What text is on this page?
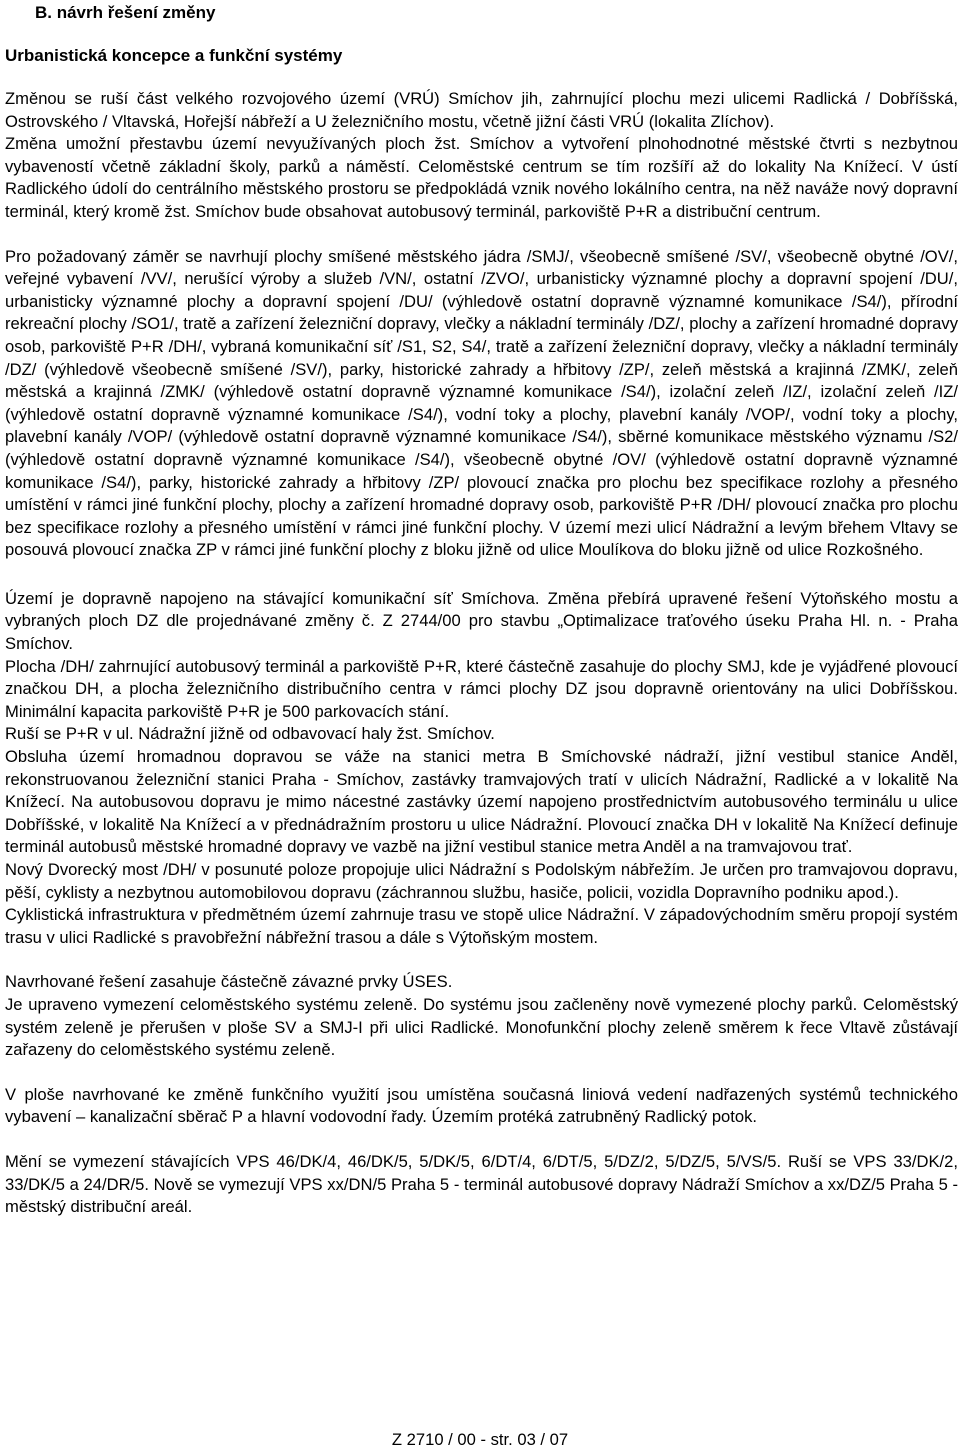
B. návrh řešení změny
Urbanistická koncepce a funkční systémy

Změnou se ruší část velkého rozvojového území (VRÚ) Smíchov jih, zahrnující plochu mezi ulicemi Radlická / Dobříšská, Ostrovského / Vltavská, Hořejší nábřeží a U železničního mostu, včetně jižní části VRÚ (lokalita Zlíchov).

Změna umožní přestavbu území nevyužívaných ploch žst. Smíchov a vytvoření plnohodnotné městské čtvrti s nezbytnou vybaveností včetně základní školy, parků a náměstí. Celoměstské centrum se tím rozšíří až do lokality Na Knížecí. V ústí Radlického údolí do centrálního městského prostoru se předpokládá vznik nového lokálního centra, na něž naváže nový dopravní terminál, který kromě žst. Smíchov bude obsahovat autobusový terminál, parkoviště P+R a distribuční centrum.

Pro požadovaný záměr se navrhují plochy smíšené městského jádra /SMJ/, všeobecně smíšené /SV/, všeobecně obytné /OV/, veřejné vybavení /VV/, nerušící výroby a služeb /VN/, ostatní /ZVO/, urbanisticky významné plochy a dopravní spojení /DU/, urbanisticky významné plochy a dopravní spojení /DU/ (výhledově ostatní dopravně významné komunikace /S4/), přírodní rekreační plochy /SO1/, tratě a zařízení železniční dopravy, vlečky a nákladní terminály /DZ/, plochy a zařízení hromadné dopravy osob, parkoviště P+R /DH/, vybraná komunikační síť /S1, S2, S4/, tratě a zařízení železniční dopravy, vlečky a nákladní terminály /DZ/ (výhledově všeobecně smíšené /SV/), parky, historické zahrady a hřbitovy /ZP/, zeleň městská a krajinná /ZMK/, zeleň městská a krajinná /ZMK/ (výhledově ostatní dopravně významné komunikace /S4/), izolační zeleň /IZ/, izolační zeleň /IZ/ (výhledově ostatní dopravně významné komunikace /S4/), vodní toky a plochy, plavební kanály /VOP/, vodní toky a plochy, plavební kanály /VOP/ (výhledově ostatní dopravně významné komunikace /S4/), sběrné komunikace městského významu /S2/ (výhledově ostatní dopravně významné komunikace /S4/), všeobecně obytné /OV/ (výhledově ostatní dopravně významné komunikace /S4/), parky, historické zahrady a hřbitovy /ZP/ plovoucí značka pro plochu bez specifikace rozlohy a přesného umístění v rámci jiné funkční plochy, plochy a zařízení hromadné dopravy osob, parkoviště P+R /DH/ plovoucí značka pro plochu bez specifikace rozlohy a přesného umístění v rámci jiné funkční plochy. V území mezi ulicí Nádražní a levým břehem Vltavy se posouvá plovoucí značka ZP v rámci jiné funkční plochy z bloku jižně od ulice Moulíkova do bloku jižně od ulice Rozkošného.

Území je dopravně napojeno na stávající komunikační síť Smíchova. Změna přebírá upravené řešení Výtoňského mostu a vybraných ploch DZ dle projednávané změny č. Z 2744/00 pro stavbu „Optimalizace traťového úseku Praha Hl. n. - Praha Smíchov.

Plocha /DH/ zahrnující autobusový terminál a parkoviště P+R, které částečně zasahuje do plochy SMJ, kde je vyjádřené plovoucí značkou DH, a plocha železničního distribučního centra v rámci plochy DZ jsou dopravně orientovány na ulici Dobříšskou. Minimální kapacita parkoviště P+R je 500 parkovacích stání.

Ruší se P+R v ul. Nádražní jižně od odbavovací haly žst. Smíchov.

Obsluha území hromadnou dopravou se váže na stanici metra B Smíchovské nádraží, jižní vestibul stanice Anděl, rekonstruovanou železniční stanici Praha - Smíchov, zastávky tramvajových tratí v ulicích Nádražní, Radlické a v lokalitě Na Knížecí. Na autobusovou dopravu je mimo nácestné zastávky území napojeno prostřednictvím autobusového terminálu u ulice Dobříšské, v lokalitě Na Knížecí a v přednádražním prostoru u ulice Nádražní. Plovoucí značka DH v lokalitě Na Knížecí definuje terminál autobusů městské hromadné dopravy ve vazbě na jižní vestibul stanice metra Anděl a na tramvajovou trať.

Nový Dvorecký most /DH/ v posunuté poloze propojuje ulici Nádražní s Podolským nábřežím. Je určen pro tramvajovou dopravu, pěší, cyklisty a nezbytnou automobilovou dopravu (záchrannou službu, hasiče, policii, vozidla Dopravního podniku apod.).

Cyklistická infrastruktura v předmětném území zahrnuje trasu ve stopě ulice Nádražní. V západovýchodním směru propojí systém trasu v ulici Radlické s pravobřežní nábřežní trasou a dále s Výtoňským mostem.

Navrhované řešení zasahuje částečně závazné prvky ÚSES.

Je upraveno vymezení celoměstského systému zeleně. Do systému jsou začleněny nově vymezené plochy parků. Celoměstský systém zeleně je přerušen v ploše SV a SMJ-I při ulici Radlické. Monofunkční plochy zeleně směrem k řece Vltavě zůstávají zařazeny do celoměstského systému zeleně.

V ploše navrhované ke změně funkčního využití jsou umístěna současná liniová vedení nadřazených systémů technického vybavení – kanalizační sběrač P a hlavní vodovodní řady. Územím protéká zatrubněný Radlický potok.

Mění se vymezení stávajících VPS 46/DK/4, 46/DK/5, 5/DK/5, 6/DT/4, 6/DT/5, 5/DZ/2, 5/DZ/5, 5/VS/5. Ruší se VPS 33/DK/2, 33/DK/5 a 24/DR/5. Nově se vymezují VPS xx/DN/5 Praha 5 - terminál autobusové dopravy Nádraží Smíchov a xx/DZ/5 Praha 5 - městský distribuční areál.

Z 2710 / 00 - str. 03 / 07
